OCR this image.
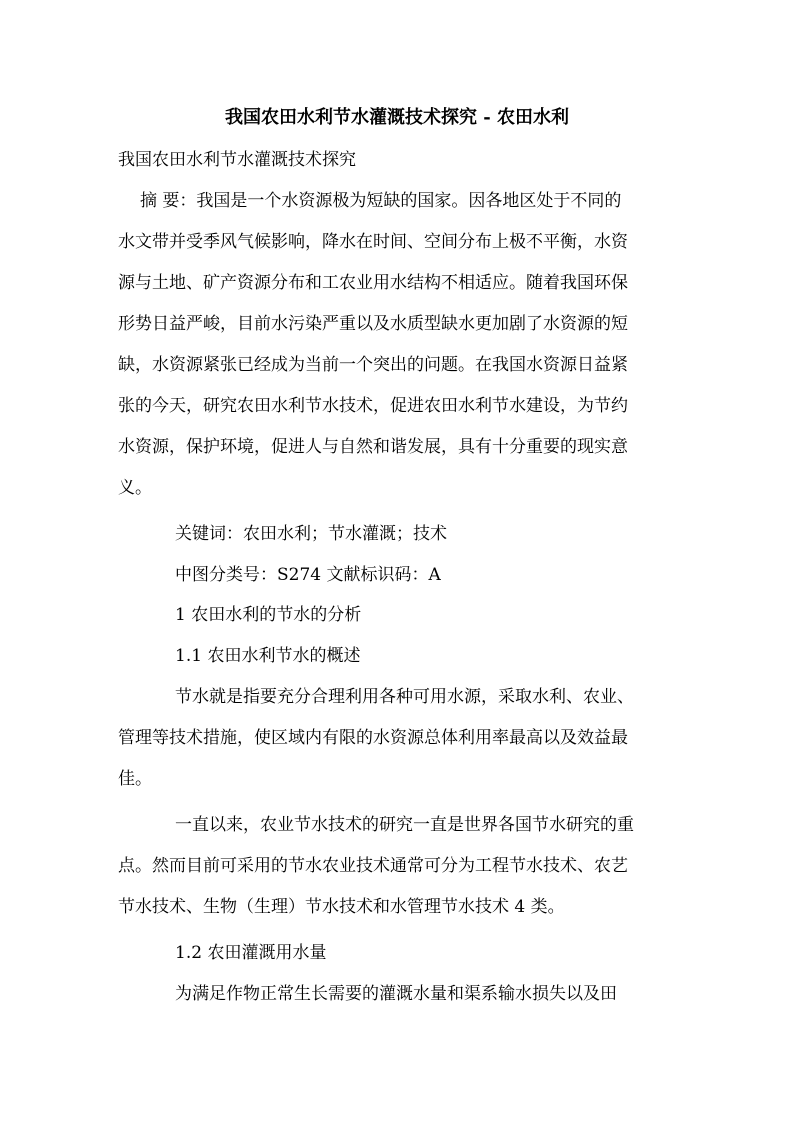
我国农田水利节水灌溉技术探究 - 农田水利
我国农田水利节水灌溉技术探究
摘 要：我国是一个水资源极为短缺的国家。因各地区处于不同的
水文带并受季风气候影响，降水在时间、空间分布上极不平衡，水资
源与土地、矿产资源分布和工农业用水结构不相适应。随着我国环保
形势日益严峻，目前水污染严重以及水质型缺水更加剧了水资源的短
缺，水资源紧张已经成为当前一个突出的问题。在我国水资源日益紧
张的今天，研究农田水利节水技术，促进农田水利节水建设，为节约
水资源，保护环境，促进人与自然和谐发展，具有十分重要的现实意
义。
关键词：农田水利；节水灌溉；技术
中图分类号：S274 文献标识码：A
1 农田水利的节水的分析
1.1 农田水利节水的概述
节水就是指要充分合理利用各种可用水源，采取水利、农业、
管理等技术措施，使区域内有限的水资源总体利用率最高以及效益最
佳。
一直以来，农业节水技术的研究一直是世界各国节水研究的重
点。然而目前可采用的节水农业技术通常可分为工程节水技术、农艺
节水技术、生物（生理）节水技术和水管理节水技术 4 类。
1.2 农田灌溉用水量
为满足作物正常生长需要的灌溉水量和渠系输水损失以及田
